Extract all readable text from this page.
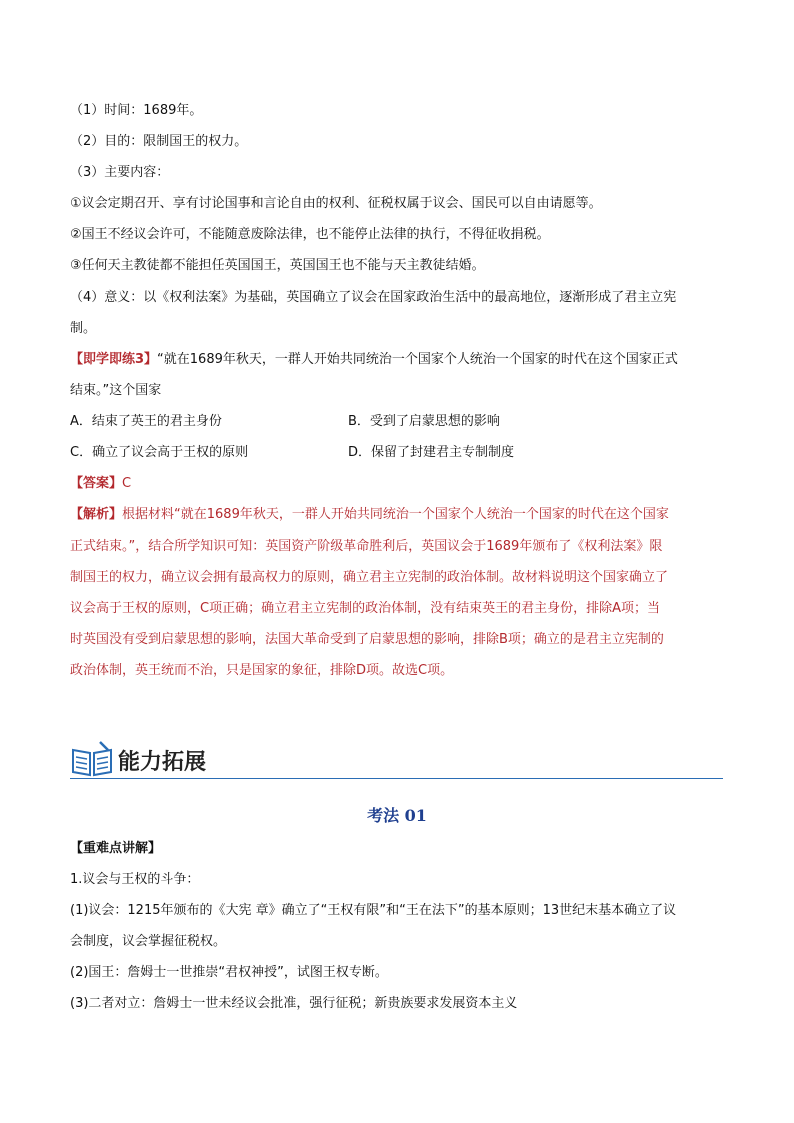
（1）时间：1689年。
（2）目的：限制国王的权力。
（3）主要内容：
①议会定期召开、享有讨论国事和言论自由的权利、征税权属于议会、国民可以自由请愿等。
②国王不经议会许可，不能随意废除法律，也不能停止法律的执行，不得征收捐税。
③任何天主教徒都不能担任英国国王，英国国王也不能与天主教徒结婚。
（4）意义：以《权利法案》为基础，英国确立了议会在国家政治生活中的最高地位，逐渐形成了君主立宪
制。
【即学即练3】“就在1689年秋天，一群人开始共同统治一个国家个人统治一个国家的时代在这个国家正式
结束。”这个国家
A．结束了英王的君主身份	B．受到了启蒙思想的影响
C．确立了议会高于王权的原则	D．保留了封建君主专制制度
【答案】C
【解析】根据材料“就在1689年秋天，一群人开始共同统治一个国家个人统治一个国家的时代在这个国家
正式结束。”，结合所学知识可知：英国资产阶级革命胜利后，英国议会于1689年颁布了《权利法案》限
制国王的权力，确立议会拥有最高权力的原则，确立君主立宪制的政治体制。故材料说明这个国家确立了
议会高于王权的原则，C项正确；确立君主立宪制的政治体制，没有结束英王的君主身份，排除A项；当
时英国没有受到启蒙思想的影响，法国大革命受到了启蒙思想的影响，排除B项；确立的是君主立宪制的
政治体制，英王统而不治，只是国家的象征，排除D项。故选C项。
能力拓展
考法 01
【重难点讲解】
1.议会与王权的斗争：
(1)议会：1215年颁布的《大宪 章》确立了“王权有限”和“王在法下”的基本原则；13世纪末基本确立了议
会制度，议会掌握征税权。
(2)国王：詹姆士一世推崇“君权神授”，试图王权专断。
(3)二者对立：詹姆士一世未经议会批准，强行征税；新贵族要求发展资本主义
